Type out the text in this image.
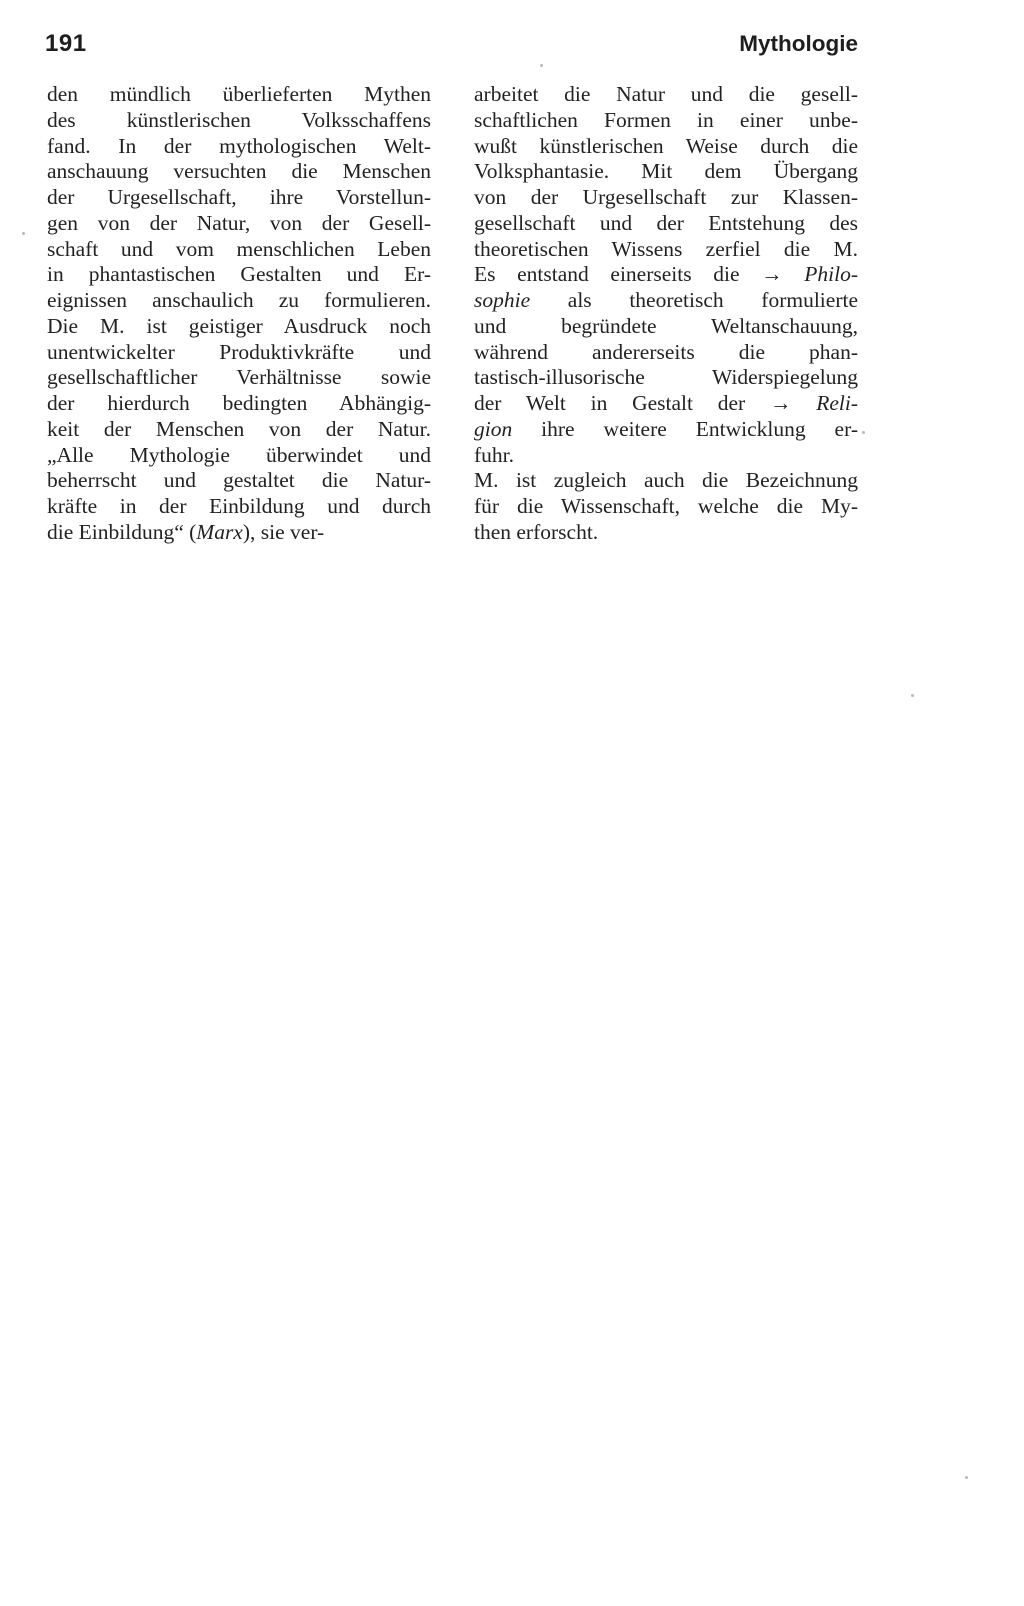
191	Mythologie
den mündlich überlieferten Mythen
des künstlerischen Volksschaffens
fand. In der mythologischen Welt-
anschauung versuchten die Menschen
der Urgesellschaft, ihre Vorstellun-
gen von der Natur, von der Gesell-
schaft und vom menschlichen Leben
in phantastischen Gestalten und Er-
eignissen anschaulich zu formulieren.
Die M. ist geistiger Ausdruck noch
unentwickelter Produktivkräfte und
gesellschaftlicher Verhältnisse sowie
der hierdurch bedingten Abhängig-
keit der Menschen von der Natur.
„Alle Mythologie überwindet und
beherrscht und gestaltet die Natur-
kräfte in der Einbildung und durch
die Einbildung“ (Marx), sie ver-
arbeitet die Natur und die gesell-
schaftlichen Formen in einer unbe-
wußt künstlerischen Weise durch die
Volksphantasie. Mit dem Übergang
von der Urgesellschaft zur Klassen-
gesellschaft und der Entstehung des
theoretischen Wissens zerfiel die M.
Es entstand einerseits die → Philo-
sophie als theoretisch formulierte
und begründete Weltanschauung,
während andererseits die phan-
tastisch-illusorische Widerspiegelung
der Welt in Gestalt der → Reli-
gion ihre weitere Entwicklung er-
fuhr.
M. ist zugleich auch die Bezeichnung
für die Wissenschaft, welche die My-
then erforscht.
